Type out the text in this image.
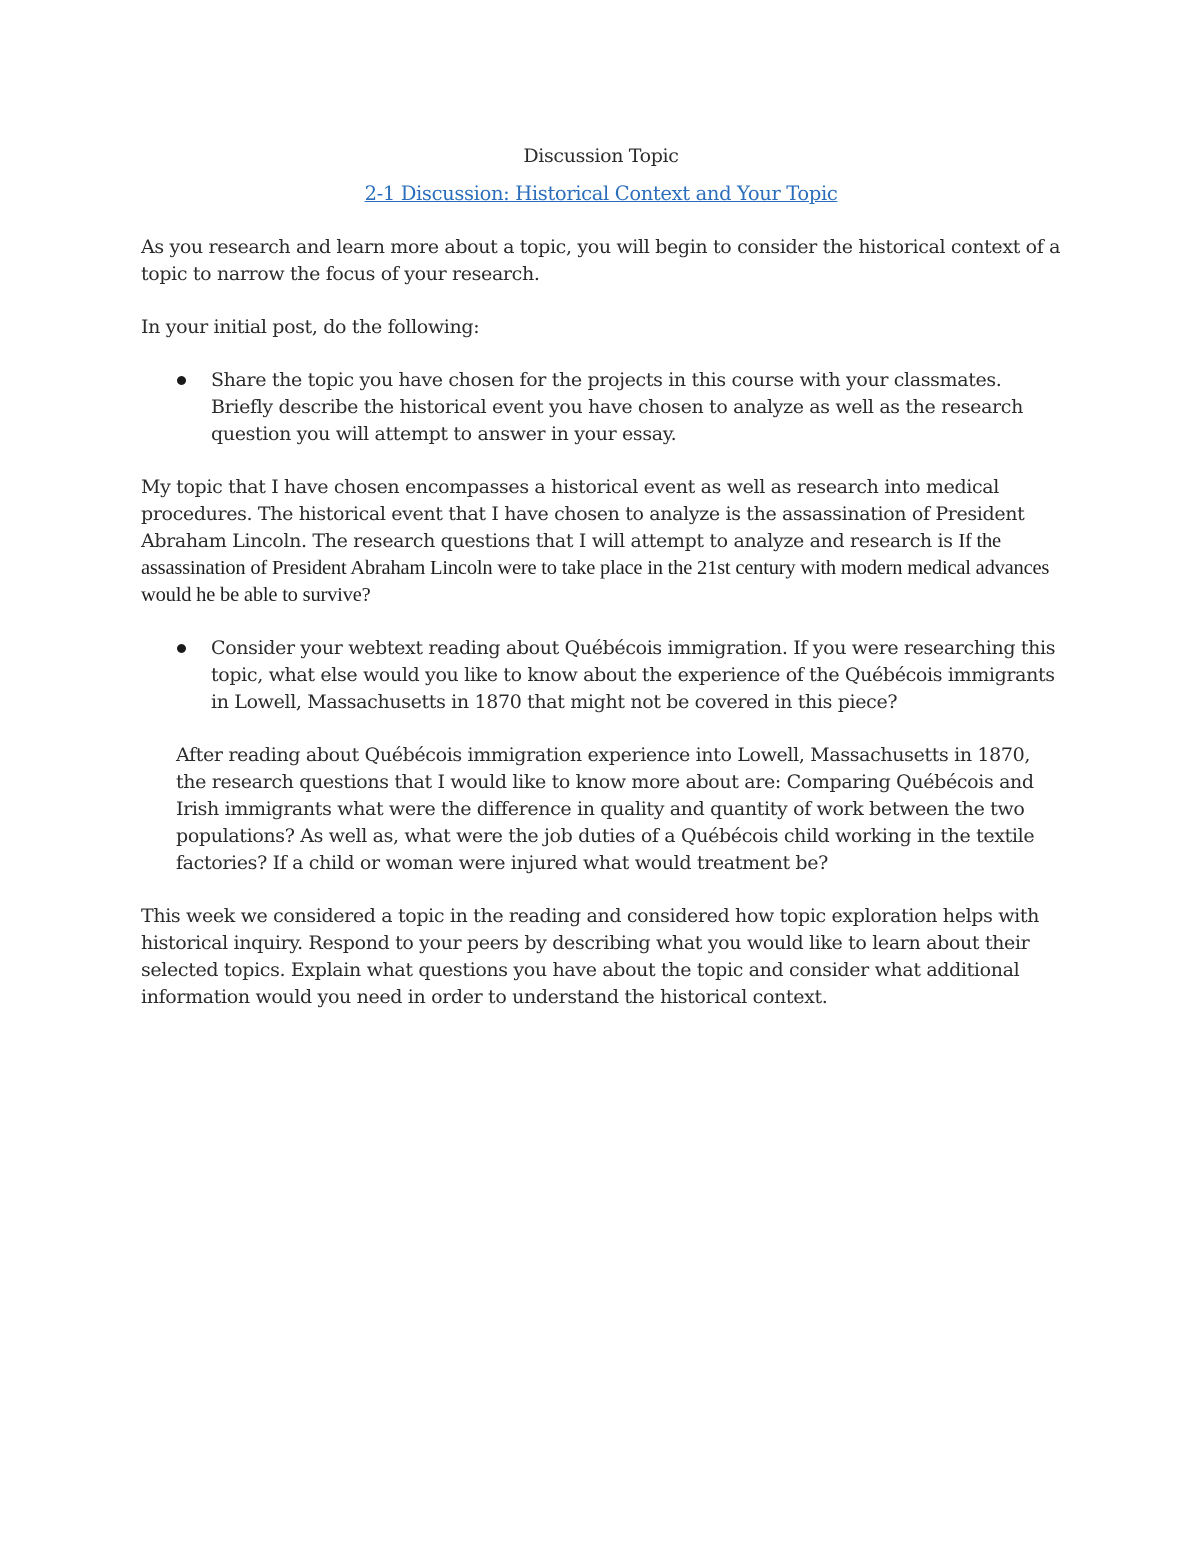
Discussion Topic
2-1 Discussion: Historical Context and Your Topic

As you research and learn more about a topic, you will begin to consider the historical context of a topic to narrow the focus of your research.

In your initial post, do the following:

Share the topic you have chosen for the projects in this course with your classmates. Briefly describe the historical event you have chosen to analyze as well as the research question you will attempt to answer in your essay.

My topic that I have chosen encompasses a historical event as well as research into medical procedures. The historical event that I have chosen to analyze is the assassination of President Abraham Lincoln. The research questions that I will attempt to analyze and research is If the assassination of President Abraham Lincoln were to take place in the 21st century with modern medical advances would he be able to survive?

Consider your webtext reading about Québécois immigration. If you were researching this topic, what else would you like to know about the experience of the Québécois immigrants in Lowell, Massachusetts in 1870 that might not be covered in this piece?

After reading about Québécois immigration experience into Lowell, Massachusetts in 1870, the research questions that I would like to know more about are: Comparing Québécois and Irish immigrants what were the difference in quality and quantity of work between the two populations? As well as, what were the job duties of a Québécois child working in the textile factories? If a child or woman were injured what would treatment be?

This week we considered a topic in the reading and considered how topic exploration helps with historical inquiry. Respond to your peers by describing what you would like to learn about their selected topics. Explain what questions you have about the topic and consider what additional information would you need in order to understand the historical context.
